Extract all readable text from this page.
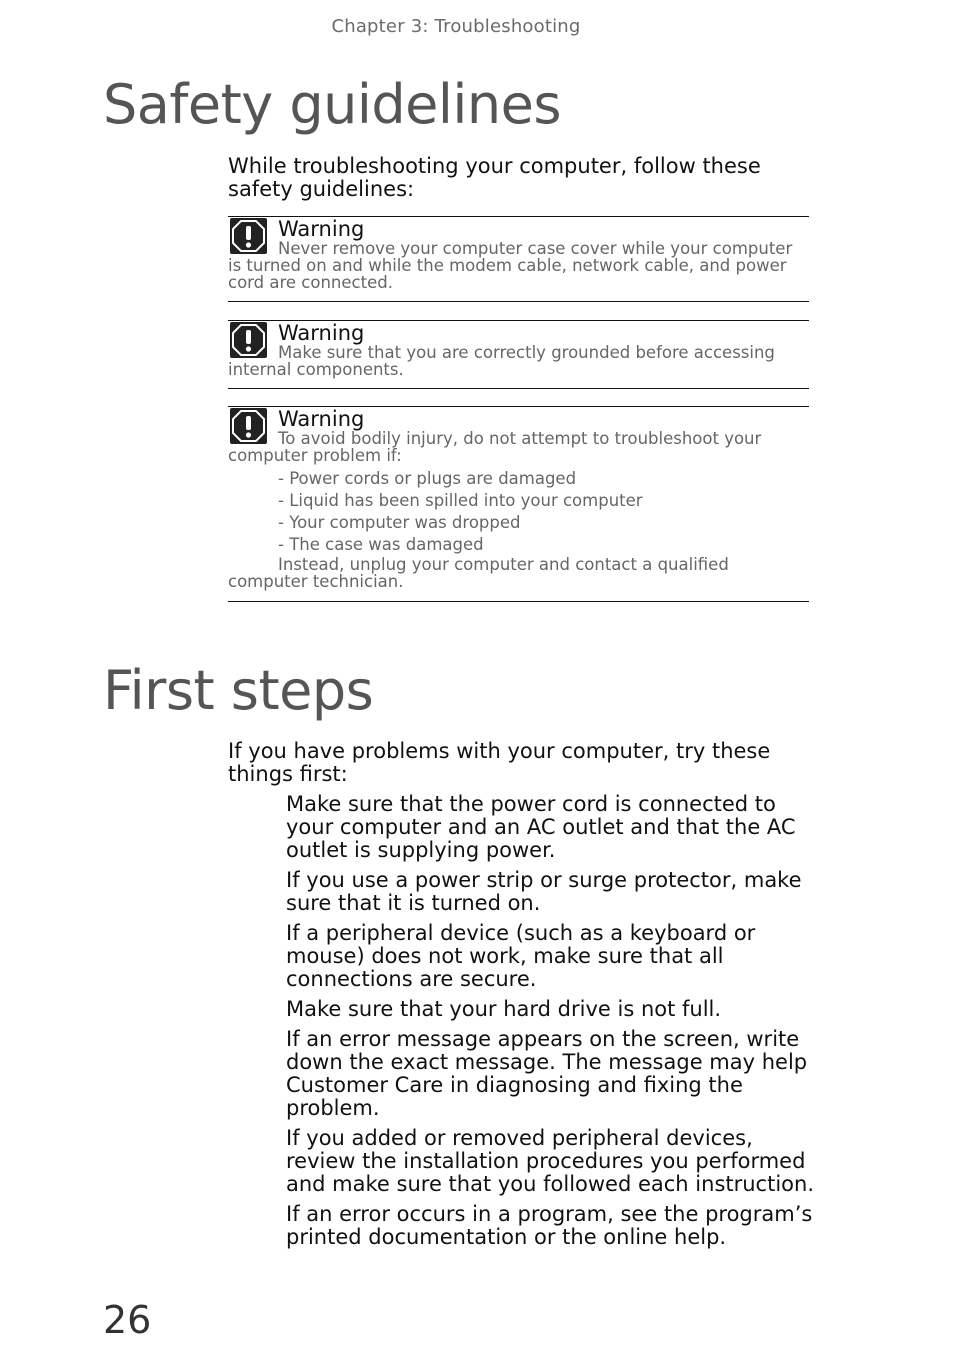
Chapter 3: Troubleshooting
Safety guidelines

While troubleshooting your computer, follow these safety guidelines:

Warning

Never remove your computer case cover while your computer
is turned on and while the modem cable, network cable, and power cord are connected.

Warning

Make sure that you are correctly grounded before accessing
internal components.

Warning

To avoid bodily injury, do not attempt to troubleshoot your
computer problem if:

- Power cords or plugs are damaged
- Liquid has been spilled into your computer
- Your computer was dropped
- The case was damaged

Instead, unplug your computer and contact a qualified
computer technician.

First steps

If you have problems with your computer, try these things first:

Make sure that the power cord is connected to your computer and an AC outlet and that the AC outlet is supplying power.
If you use a power strip or surge protector, make sure that it is turned on.
If a peripheral device (such as a keyboard or mouse) does not work, make sure that all connections are secure.
Make sure that your hard drive is not full.
If an error message appears on the screen, write down the exact message. The message may help Customer Care in diagnosing and fixing the problem.
If you added or removed peripheral devices, review the installation procedures you performed and make sure that you followed each instruction.
If an error occurs in a program, see the program’s printed documentation or the online help.
26
